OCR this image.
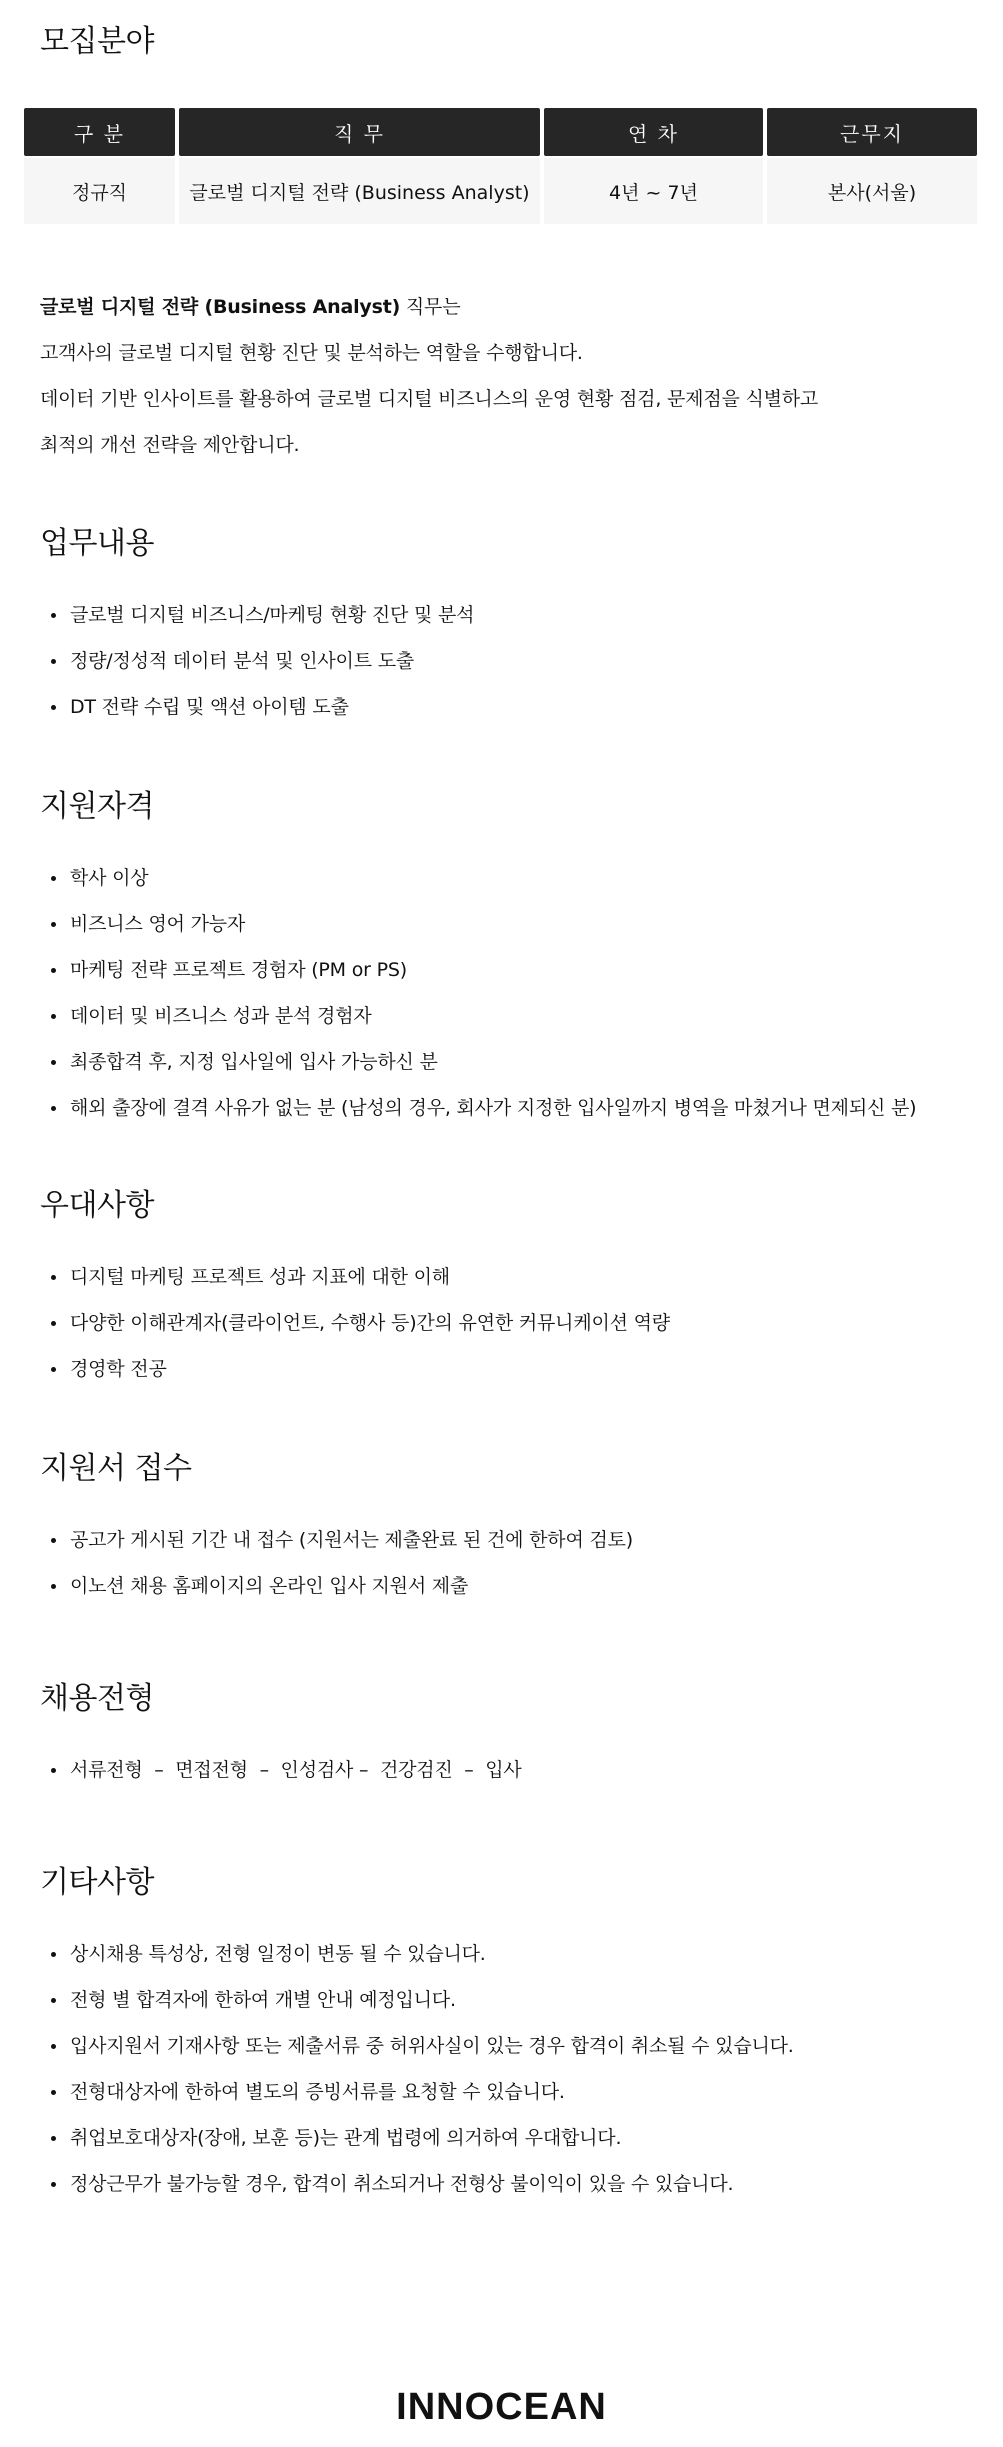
모집분야
구 분	직 무	연 차	근무지
정규직	글로벌 디지털 전략 (Business Analyst)	4년 ~ 7년	본사(서울)

글로벌 디지털 전략 (Business Analyst) 직무는

고객사의 글로벌 디지털 현황 진단 및 분석하는 역할을 수행합니다.

데이터 기반 인사이트를 활용하여 글로벌 디지털 비즈니스의 운영 현황 점검, 문제점을 식별하고

최적의 개선 전략을 제안합니다.

업무내용
글로벌 디지털 비즈니스/마케팅 현황 진단 및 분석
정량/정성적 데이터 분석 및 인사이트 도출
DT 전략 수립 및 액션 아이템 도출
지원자격
학사 이상
비즈니스 영어 가능자
마케팅 전략 프로젝트 경험자 (PM or PS)
데이터 및 비즈니스 성과 분석 경험자
최종합격 후, 지정 입사일에 입사 가능하신 분
해외 출장에 결격 사유가 없는 분 (남성의 경우, 회사가 지정한 입사일까지 병역을 마쳤거나 면제되신 분)
우대사항
디지털 마케팅 프로젝트 성과 지표에 대한 이해
다양한 이해관계자(클라이언트, 수행사 등)간의 유연한 커뮤니케이션 역량
경영학 전공
지원서 접수
공고가 게시된 기간 내 접수 (지원서는 제출완료 된 건에 한하여 검토)
이노션 채용 홈페이지의 온라인 입사 지원서 제출
채용전형
서류전형  –  면접전형  –  인성검사 –  건강검진  –  입사
기타사항
상시채용 특성상, 전형 일정이 변동 될 수 있습니다.
전형 별 합격자에 한하여 개별 안내 예정입니다.
입사지원서 기재사항 또는 제출서류 중 허위사실이 있는 경우 합격이 취소될 수 있습니다.
전형대상자에 한하여 별도의 증빙서류를 요청할 수 있습니다.
취업보호대상자(장애, 보훈 등)는 관계 법령에 의거하여 우대합니다.
정상근무가 불가능할 경우, 합격이 취소되거나 전형상 불이익이 있을 수 있습니다.
INNOCEAN
